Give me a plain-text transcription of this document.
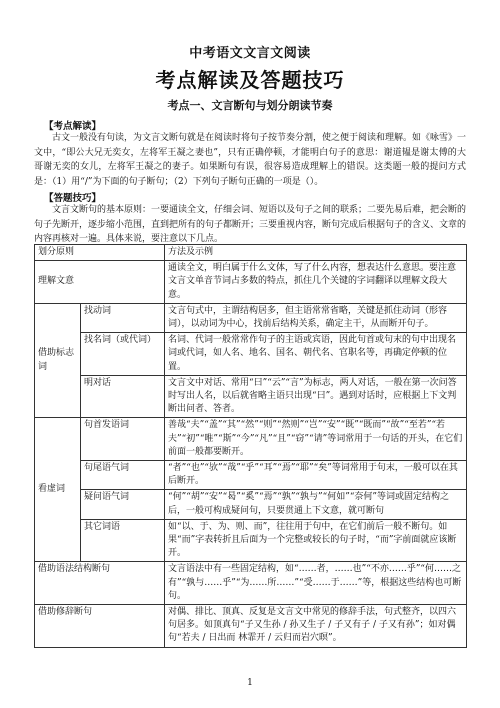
中考语文文言文阅读
考点解读及答题技巧
考点一、文言断句与划分朗读节奏
【考点解读】
古文一般没有句读，为文言文断句就是在阅读时将句子按节奏分割，使之便于阅读和理解。如《咏雪》一文中，“即公大兄无奕女，左将军王凝之妻也”，只有正确停顿，才能明白句子的意思：谢道韫是谢太傅的大哥谢无奕的女儿，左将军王凝之的妻子。如果断句有误，很容易造成理解上的错误。这类题一般的提问方式是：（1）用“/”为下面的句子断句；（2）下列句子断句正确的一项是（）。
【答题技巧】
文言文断句的基本原则：一要通读全文，仔细会词、短语以及句子之间的联系；二要先易后难，把会断的句子先断开，逐步缩小范围，直到把所有的句子都断开；三要重视内容，断句完成后根据句子的含义、文章的内容再核对一遍。具体来说，要注意以下几点。
划分原则		方法及示例
理解文意		通读全文，明白属于什么文体，写了什么内容，想表达什么意思。要注意文言文单音节词占多数的特点，抓住几个关键的字词翻译以理解文段大意。
借助标志词	找动词	文言句式中，主谓结构居多，但主语常常省略，关键是抓住动词（形容词），以动词为中心，找前后结构关系，确定主干，从而断开句子。
	找名词（或代词）	名词、代词一般常常作句子的主语或宾语，因此句首或句末的句中出现名词或代词，如人名、地名、国名、朝代名、官职名等，再确定停顿的位置。
	明对话	文言文中对话、常用“曰”“云”“言”为标志，两人对话，一般在第一次问答时写出人名，以后就省略主语只出现“曰”。遇到对话时，应根据上下文判断出问者、答者。
看虚词	句首发语词	善哉“夫”“盖”“其”“然”“则”“然则”“岂”“安”“既”“既而”“故”“至若”“若夫”“初”“唯”“斯”“今”“凡”“且”“窃”“请”等词常用于一句话的开头，在它们前面一般都要断开。
	句尾语气词	“者”“也”“欤”“哉”“乎”“耳”“焉”“耶”“矣”等词常用于句末，一般可以在其后断开。
	疑问语气词	“何”“胡”“安”“曷”“奚”“焉”“孰”“孰与”“何如”“奈何”等词或固定结构之后，一般可构成疑问句，只要贯通上下文意，就可断句
	其它词语	如“以、于、为、则、而”，往往用于句中，在它们前后一般不断句。如果“而”字表转折且后面为一个完整或较长的句子时，“而”字前面就应该断开。
借助语法结构断句		文言语法中有一些固定结构，如“……者，……也”“不亦……乎”“何……之有”“孰与……乎”“为……所……”“受……于……”等，根据这些结构也可断句。
借助修辞断句		对偶、排比、顶真、反复是文言文中常见的修辞手法，句式整齐，以四六句居多。如顶真句“子又生孙 / 孙又生子 / 子又有子 / 子又有孙”；如对偶句“若夫 / 日出而 林霏开 / 云归而岩穴暝”。
1
